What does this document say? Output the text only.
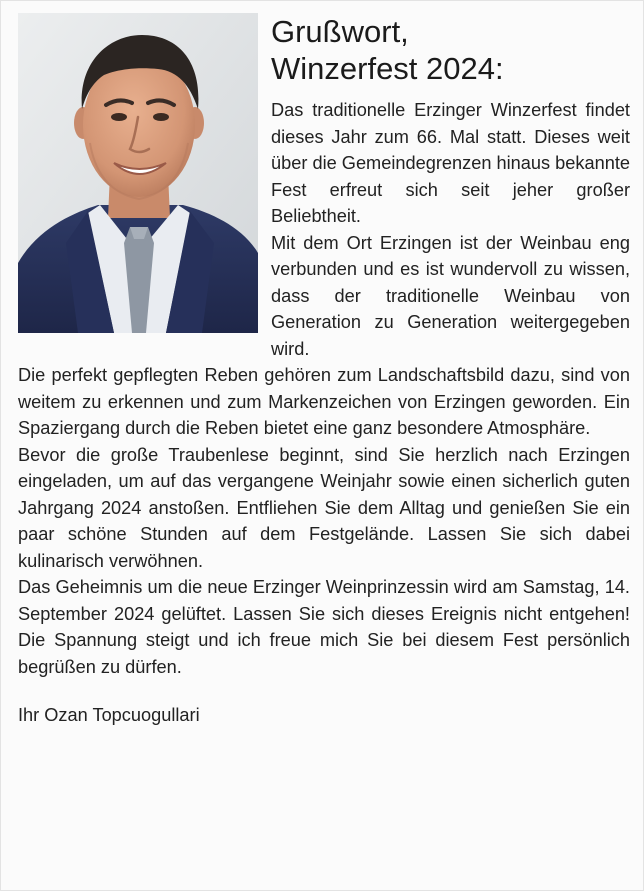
Grußwort,
Winzerfest 2024:

Das traditionelle Erzinger Winzerfest findet dieses Jahr zum 66. Mal statt. Dieses weit über die Gemeindegrenzen hinaus bekannte Fest erfreut sich seit jeher großer Beliebtheit.

Mit dem Ort Erzingen ist der Weinbau eng verbunden und es ist wundervoll zu wissen, dass der traditionelle Weinbau von Generation zu Generation weitergegeben wird.

Die perfekt gepflegten Reben gehören zum Landschaftsbild dazu, sind von weitem zu erkennen und zum Markenzeichen von Erzingen geworden. Ein Spaziergang durch die Reben bietet eine ganz besondere Atmosphäre.

Bevor die große Traubenlese beginnt, sind Sie herzlich nach Erzingen eingeladen, um auf das vergangene Weinjahr sowie einen sicherlich guten Jahrgang 2024 anstoßen. Entfliehen Sie dem Alltag und genießen Sie ein paar schöne Stunden auf dem Festgelände. Lassen Sie sich dabei kulinarisch verwöhnen.

Das Geheimnis um die neue Erzinger Weinprinzessin wird am Samstag, 14. September 2024 gelüftet. Lassen Sie sich dieses Ereignis nicht entgehen! Die Spannung steigt und ich freue mich Sie bei diesem Fest persönlich begrüßen zu dürfen.

Ihr Ozan Topcuogullari
